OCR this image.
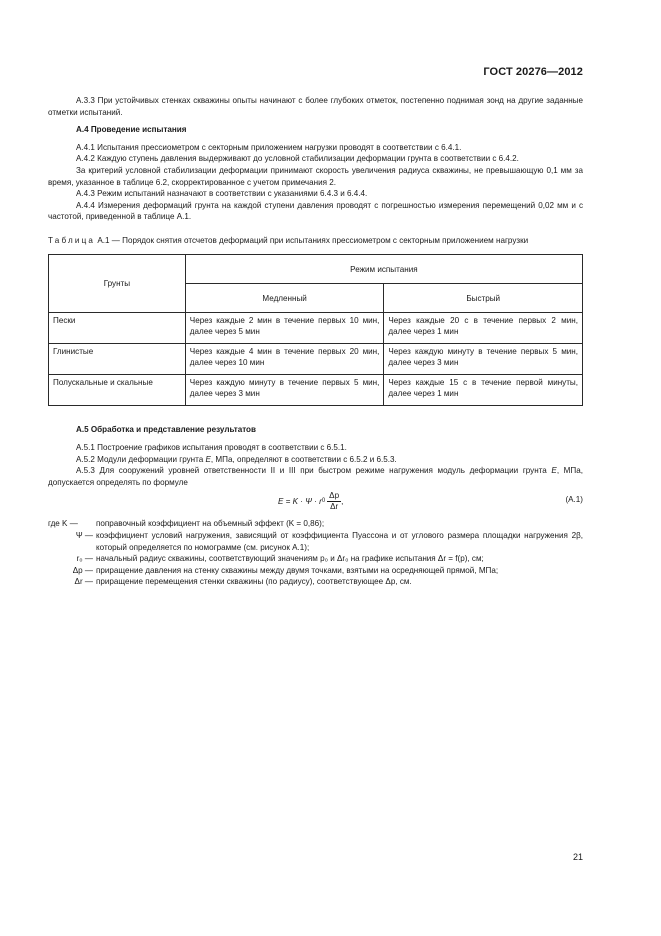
ГОСТ 20276—2012

А.3.3 При устойчивых стенках скважины опыты начинают с более глубоких отметок, постепенно поднимая зонд на другие заданные отметки испытаний.

А.4 Проведение испытания

А.4.1 Испытания прессиометром с секторным приложением нагрузки проводят в соответствии с 6.4.1.

А.4.2 Каждую ступень давления выдерживают до условной стабилизации деформации грунта в соответствии с 6.4.2.

За критерий условной стабилизации деформации принимают скорость увеличения радиуса скважины, не превышающую 0,1 мм за время, указанное в таблице 6.2, скорректированное с учетом примечания 2.

А.4.3 Режим испытаний назначают в соответствии с указаниями 6.4.3 и 6.4.4.

А.4.4 Измерения деформаций грунта на каждой ступени давления проводят с погрешностью измерения перемещений 0,02 мм и с частотой, приведенной в таблице А.1.

Таблица А.1 — Порядок снятия отсчетов деформаций при испытаниях прессиометром с секторным приложением нагрузки
Грунты	Режим испытания	
	Медленный	Быстрый
Пески	Через каждые 2 мин в течение первых 10 мин, далее через 5 мин	Через каждые 20 с в течение первых 2 мин, далее через 1 мин
Глинистые	Через каждые 4 мин в течение первых 20 мин, далее через 10 мин	Через каждую минуту в течение первых 5 мин, далее через 3 мин
Полускальные и скальные	Через каждую минуту в течение первых 5 мин, далее через 3 мин	Через каждые 15 с в течение первой минуты, далее через 1 мин
А.5 Обработка и представление результатов

А.5.1 Построение графиков испытания проводят в соответствии с 6.5.1.

А.5.2 Модули деформации грунта E, МПа, определяют в соответствии с 6.5.2 и 6.5.3.

А.5.3 Для сооружений уровней ответственности II и III при быстром режиме нагружения модуль деформации грунта E, МПа, допускается определять по формуле

E = K · Ψ · r $0 \frac{\Delta p}{\Delta r}$ ,	(А.1)
где K —	поправочный коэффициент на объемный эффект (K = 0,86);
Ψ — коэффициент условий нагружения, зависящий от коэффициента Пуассона и от углового размера площадки нагружения 2β, который определяется по номограмме (см. рисунок А.1);
r₀ — начальный радиус скважины, соответствующий значениям p₀ и Δr₀ на графике испытания Δr = f(p), см;
Δp — приращение давления на стенку скважины между двумя точками, взятыми на осредняющей прямой, МПа;
Δr — приращение перемещения стенки скважины (по радиусу), соответствующее Δp, см.
21
